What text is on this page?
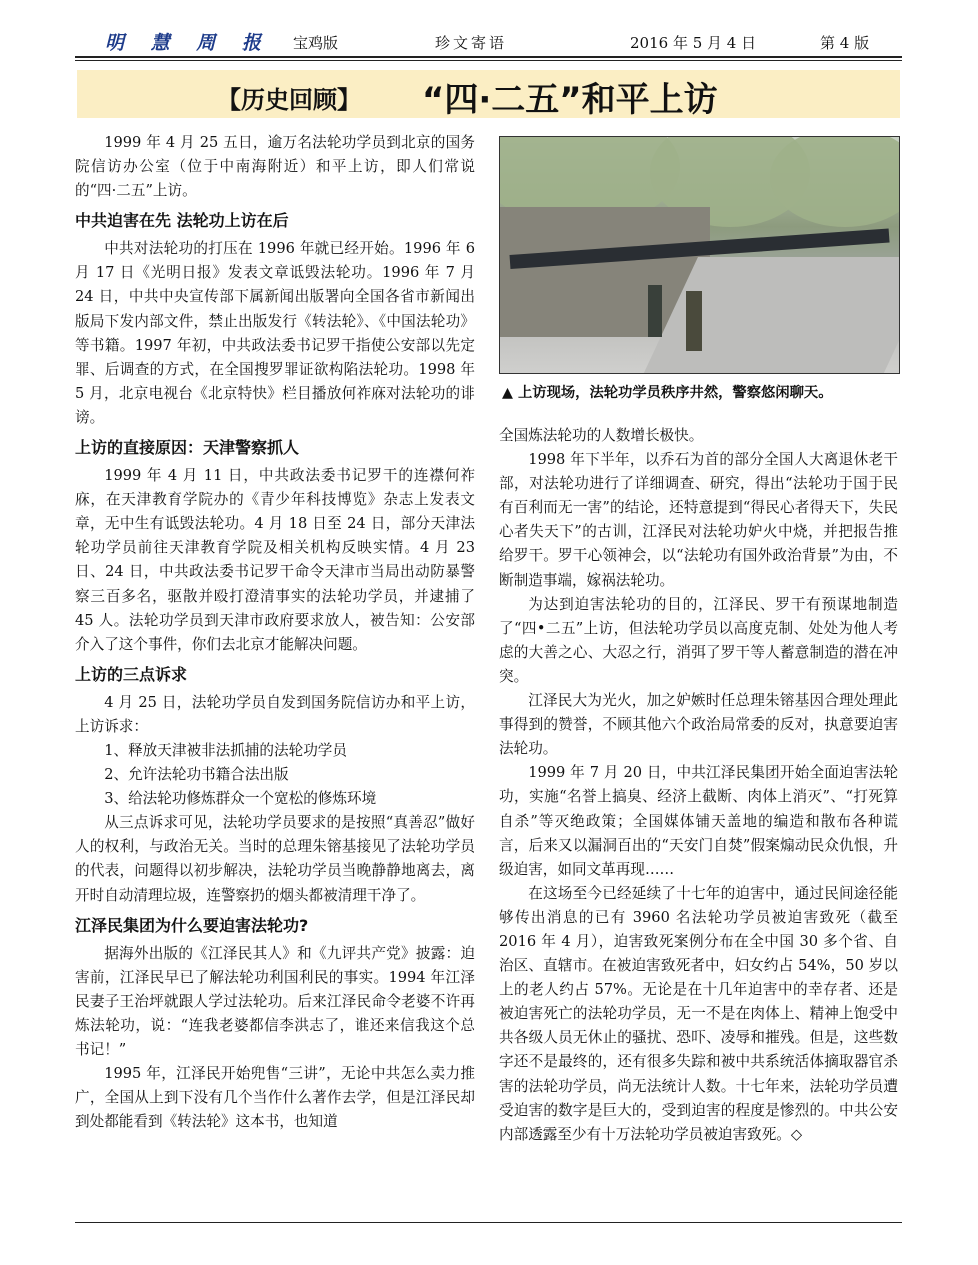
明 慧 周 报 宝鸡版	珍文寄语	2016 年 5 月 4 日	第 4 版
【历史回顾】 “四·二五”和平上访

1999 年 4 月 25 五日，逾万名法轮功学员到北京的国务院信访办公室（位于中南海附近）和平上访，即人们常说的“四·二五”上访。

中共迫害在先 法轮功上访在后

中共对法轮功的打压在 1996 年就已经开始。1996 年 6 月 17 日《光明日报》发表文章诋毁法轮功。1996 年 7 月 24 日，中共中央宣传部下属新闻出版署向全国各省市新闻出版局下发内部文件，禁止出版发行《转法轮》、《中国法轮功》等书籍。1997 年初，中共政法委书记罗干指使公安部以先定罪、后调查的方式，在全国搜罗罪证欲构陷法轮功。1998 年 5 月，北京电视台《北京特快》栏目播放何祚庥对法轮功的诽谤。

上访的直接原因：天津警察抓人

1999 年 4 月 11 日，中共政法委书记罗干的连襟何祚庥，在天津教育学院办的《青少年科技博览》杂志上发表文章，无中生有诋毁法轮功。4 月 18 日至 24 日，部分天津法轮功学员前往天津教育学院及相关机构反映实情。4 月 23 日、24 日，中共政法委书记罗干命令天津市当局出动防暴警察三百多名，驱散并殴打澄清事实的法轮功学员，并逮捕了 45 人。法轮功学员到天津市政府要求放人，被告知：公安部介入了这个事件，你们去北京才能解决问题。

上访的三点诉求

4 月 25 日，法轮功学员自发到国务院信访办和平上访，上访诉求：

1、释放天津被非法抓捕的法轮功学员

2、允许法轮功书籍合法出版

3、给法轮功修炼群众一个宽松的修炼环境

从三点诉求可见，法轮功学员要求的是按照“真善忍”做好人的权利，与政治无关。当时的总理朱镕基接见了法轮功学员的代表，问题得以初步解决，法轮功学员当晚静静地离去，离开时自动清理垃圾，连警察扔的烟头都被清理干净了。

江泽民集团为什么要迫害法轮功?

据海外出版的《江泽民其人》和《九评共产党》披露：迫害前，江泽民早已了解法轮功利国利民的事实。1994 年江泽民妻子王治坪就跟人学过法轮功。后来江泽民命令老婆不许再炼法轮功，说：“连我老婆都信李洪志了，谁还来信我这个总书记！”

1995 年，江泽民开始兜售“三讲”，无论中共怎么卖力推广，全国从上到下没有几个当作什么著作去学，但是江泽民却到处都能看到《转法轮》这本书，也知道

▲ 上访现场，法轮功学员秩序井然，警察悠闲聊天。

全国炼法轮功的人数增长极快。

1998 年下半年，以乔石为首的部分全国人大离退休老干部，对法轮功进行了详细调查、研究，得出“法轮功于国于民有百利而无一害”的结论，还特意提到“得民心者得天下，失民心者失天下”的古训，江泽民对法轮功妒火中烧，并把报告推给罗干。罗干心领神会，以“法轮功有国外政治背景”为由，不断制造事端，嫁祸法轮功。

为达到迫害法轮功的目的，江泽民、罗干有预谋地制造了“四•二五”上访，但法轮功学员以高度克制、处处为他人考虑的大善之心、大忍之行，消弭了罗干等人蓄意制造的潜在冲突。

江泽民大为光火，加之妒嫉时任总理朱镕基因合理处理此事得到的赞誉，不顾其他六个政治局常委的反对，执意要迫害法轮功。

1999 年 7 月 20 日，中共江泽民集团开始全面迫害法轮功，实施“名誉上搞臭、经济上截断、肉体上消灭”、“打死算自杀”等灭绝政策；全国媒体铺天盖地的编造和散布各种谎言，后来又以漏洞百出的“天安门自焚”假案煽动民众仇恨，升级迫害，如同文革再现……

在这场至今已经延续了十七年的迫害中，通过民间途径能够传出消息的已有 3960 名法轮功学员被迫害致死（截至 2016 年 4 月），迫害致死案例分布在全中国 30 多个省、自治区、直辖市。在被迫害致死者中，妇女约占 54%，50 岁以上的老人约占 57%。无论是在十几年迫害中的幸存者、还是被迫害死亡的法轮功学员，无一不是在肉体上、精神上饱受中共各级人员无休止的骚扰、恐吓、凌辱和摧残。但是，这些数字还不是最终的，还有很多失踪和被中共系统活体摘取器官杀害的法轮功学员，尚无法统计人数。十七年来，法轮功学员遭受迫害的数字是巨大的，受到迫害的程度是惨烈的。中共公安内部透露至少有十万法轮功学员被迫害致死。◇
